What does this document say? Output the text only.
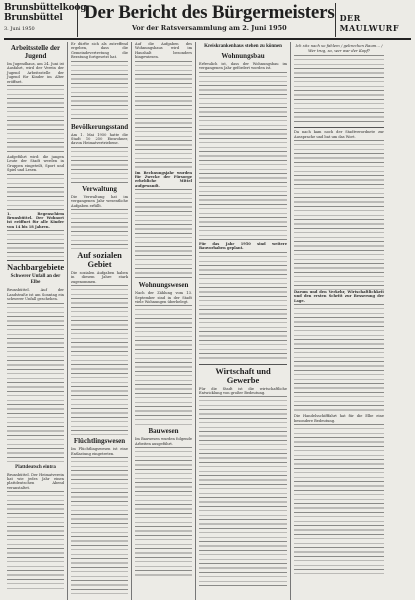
Brunsbüttelkoog
Brunsbüttel
3. Juni 1950
Der Bericht des Bürgermeisters
Vor der Ratsversammlung am 2. Juni 1950
DER MAULWURF
Arbeitsstelle der Jugend

Im Jugendhaus, am 24. Juni ist Ausfahrt, wird der Verein der Jugend Arbeitsstelle der Jugend für Kinder im Alter eröffnet.

Aufgeführt wird: die jungen Leute der Stadt werden in Gruppen eingeteilt, Sport und Spiel und Lesen.

1. Regenschirm Brunsbüttel. Der Wohnort ist eröffnet für alle Kinder von 14 bis 18 Jahren.

Nachbargebiete
Schwerer Unfall an der Elbe

Brunsbüttel. Auf der Landstraße ist am Sonntag ein schwerer Unfall geschehen.

Plattdeutsch eintra

Brunsbüttel. Der Heimatverein hat wie jedes Jahr einen plattdeutschen Abend veranstaltet.

Er dürfte sich als zutreffend ergeben, dass die Gemeindevertretung die Beratung fortgesetzt hat.

Bevölkerungsstand

Am 1. Mai 1950 hatte die Stadt 10 250 Einwohner, davon Heimatvertriebene.

Verwaltung

Die Verwaltung hat im vergangenen Jahr wesentliche Aufgaben erfüllt.

Auf sozialen Gebiet

Die sozialen Aufgaben haben in diesem Jahre stark zugenommen.

Flüchtlingswesen

Im Flüchtlingswesen ist eine Entlastung eingetreten.

Auf die Aufgaben des Wohnungsbaus wird im Haushalt besonders hingewiesen.

Im Rechnungsjahr wurden für Zwecke der Fürsorge erhebliche Mittel aufgewandt.

Wohnungswesen

Nach der Zählung vom 13. September sind in der Stadt viele Wohnungen überbelegt.

Bauwesen

Im Bauwesen wurden folgende Arbeiten ausgeführt.

Kreiskrankenhaus stehen zu können
Wohnungsbau

Erfreulich ist, dass der Wohnungsbau im vergangenen Jahr gefördert worden ist.

Für das Jahr 1950 sind weitere Bauvorhaben geplant.

Wirtschaft und Gewerbe

Für die Stadt ist die wirtschaftliche Entwicklung von großer Bedeutung.

Ich sitz nach so fahlem / gebrechen Raum... / Wer trug, so, wer war der Kopf?

Da nach kam noch der Stadtverordnete zur Aussprache und bat um das Wort.

Darum und den Verkehr, Wirtschaftlichkeit und den ersten Schritt zur Besserung der Lage.

Die Handelsschifffahrt hat für die Elbe eine besondere Bedeutung.
